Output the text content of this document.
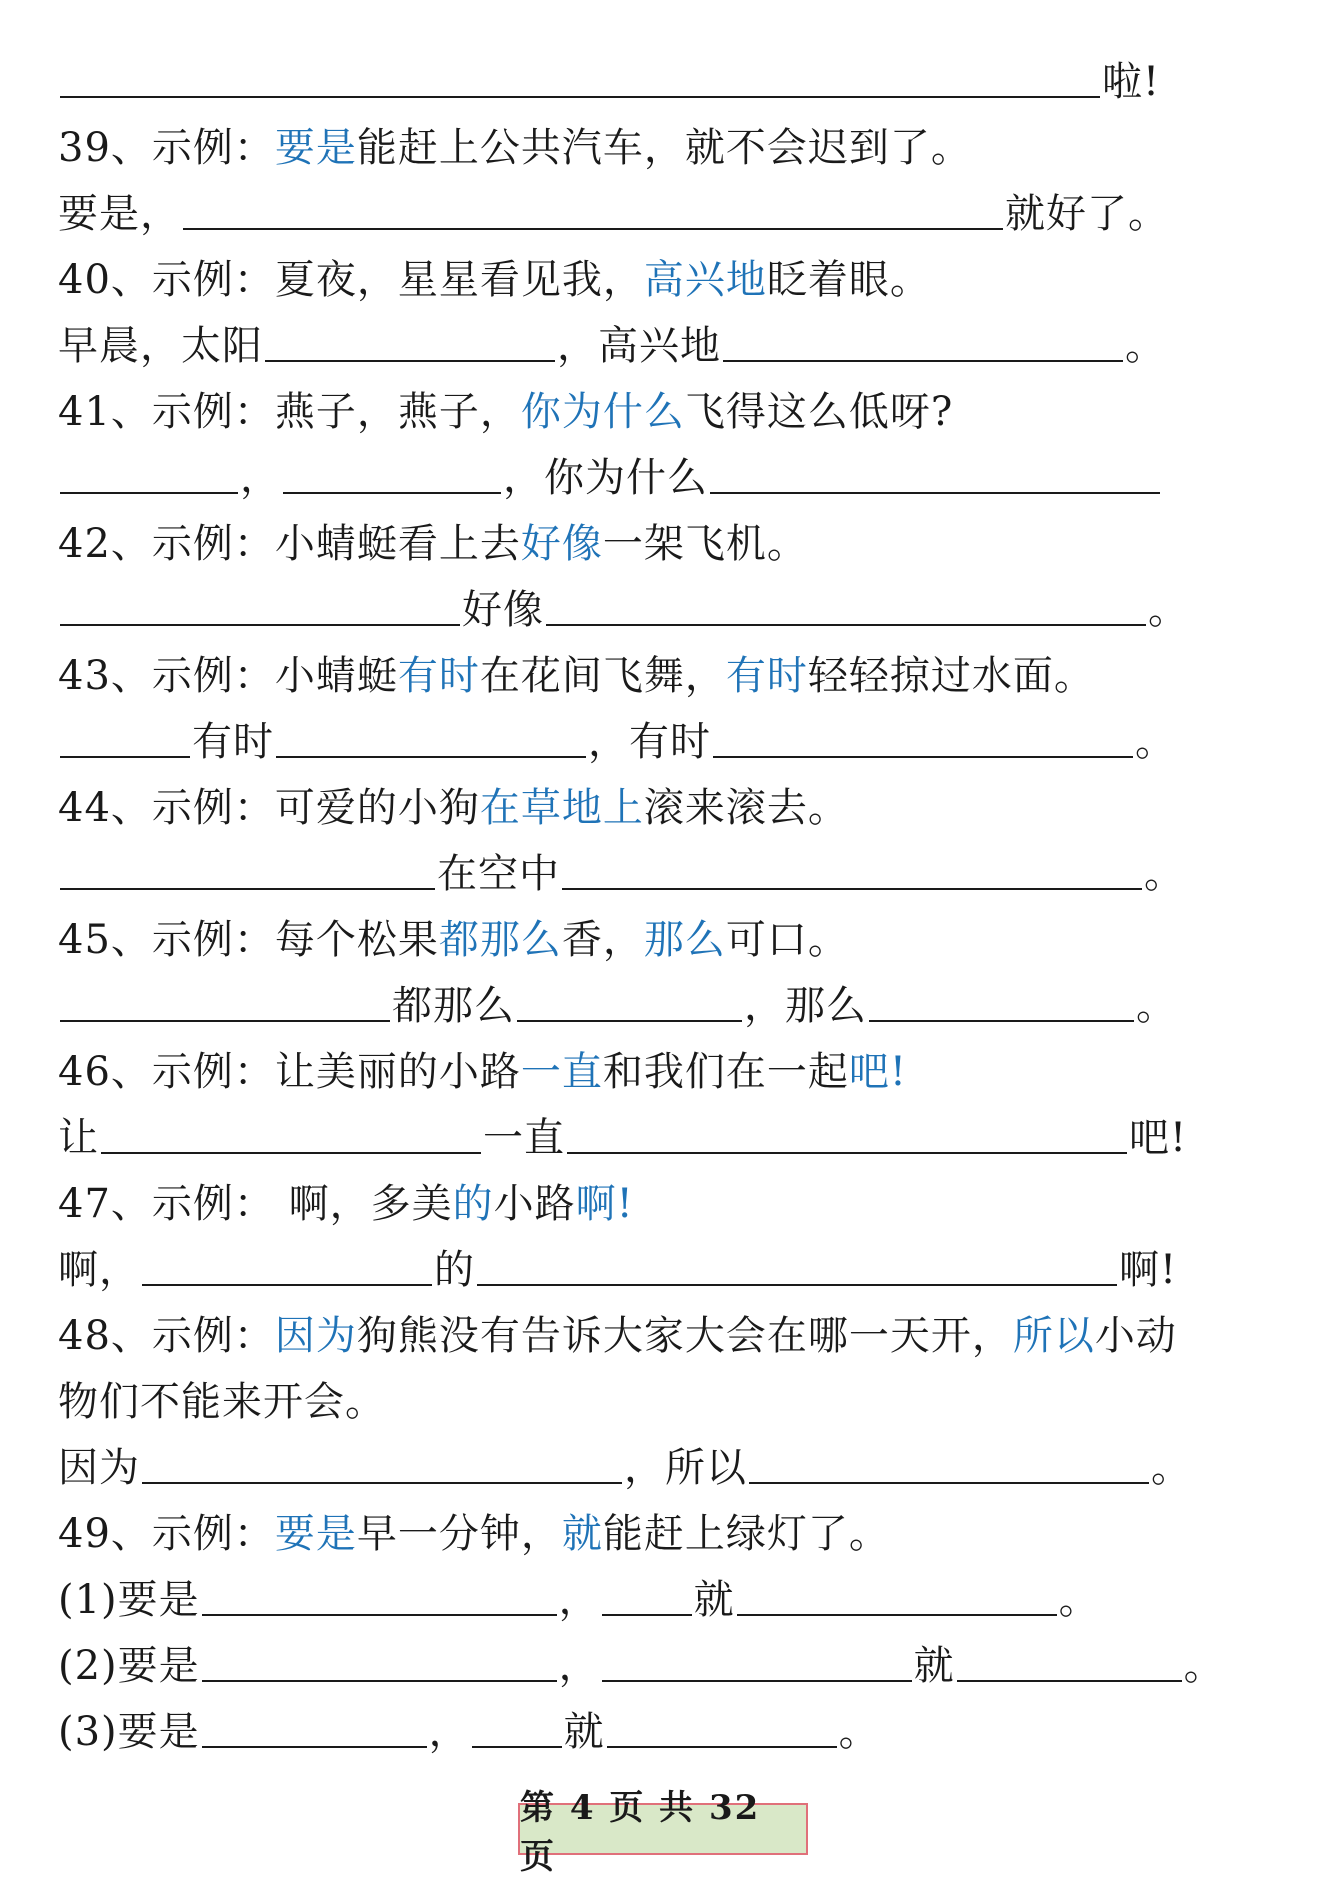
啦!
39、示例： 要是 能赶上公共汽车，就不会迟到了。
要是，	就好了。
40、示例：夏夜，星星看见我， 高兴地 眨着眼。
早晨，太阳	，高兴地	。
41、示例：燕子，燕子， 你为什么 飞得这么低呀?
，	，你为什么
42、示例：小蜻蜓看上去 好像 一架飞机。
好像	。
43、示例：小蜻蜓 有时 在花间飞舞， 有时 轻轻掠过水面。
有时	，有时	。
44、示例：可爱的小狗 在草地上 滚来滚去。
在空中	。
45、示例：每个松果 都那么 香， 那么 可口。
都那么	，那么	。
46、示例：让美丽的小路 一直 和我们在一起 吧!
让	一直	吧!
47、示例： 啊，多美 的 小路 啊!
啊，	的	啊!
48、示例： 因为 狗熊没有告诉大家大会在哪一天开， 所以 小动
物们不能来开会。
因为	，所以	。
49、示例： 要是 早一分钟， 就 能赶上绿灯了。
(1)要是	， 就	。
(2)要是	，	就	。
(3)要是	， 就	。
第 4 页 共 32 页
